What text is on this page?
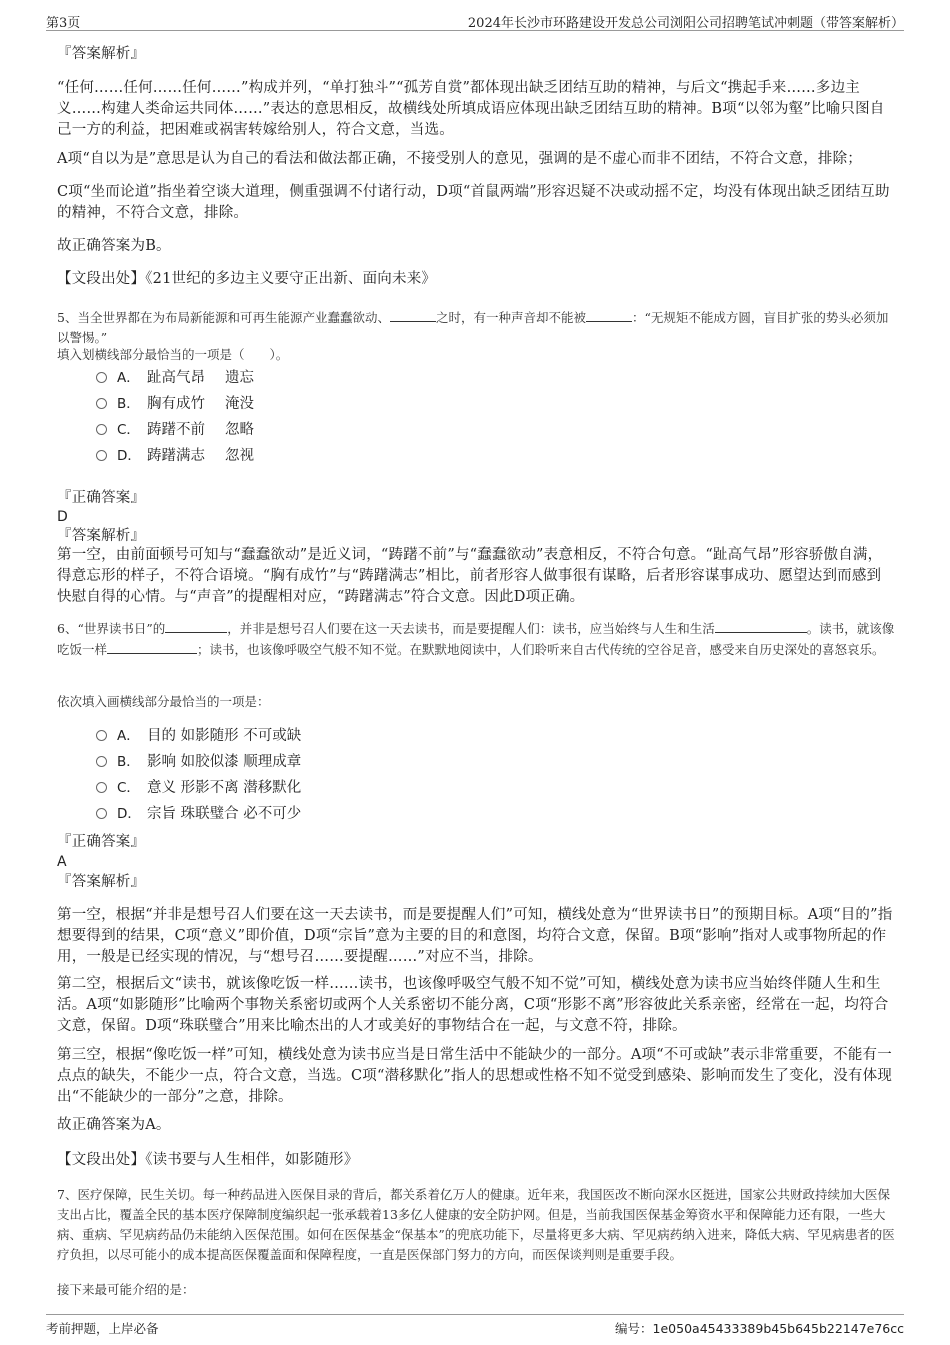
第3页	2024年长沙市环路建设开发总公司浏阳公司招聘笔试冲刺题（带答案解析）
『答案解析』
“任何……任何……任何……”构成并列，“单打独斗”“孤芳自赏”都体现出缺乏团结互助的精神，与后文“携起手来……多边主义……构建人类命运共同体……”表达的意思相反，故横线处所填成语应体现出缺乏团结互助的精神。B项“以邻为壑”比喻只图自己一方的利益，把困难或祸害转嫁给别人，符合文意，当选。
A项“自以为是”意思是认为自己的看法和做法都正确，不接受别人的意见，强调的是不虚心而非不团结，不符合文意，排除；
C项“坐而论道”指坐着空谈大道理，侧重强调不付诸行动，D项“首鼠两端”形容迟疑不决或动摇不定，均没有体现出缺乏团结互助的精神，不符合文意，排除。
故正确答案为B。
【文段出处】《21世纪的多边主义要守正出新、面向未来》
5、当全世界都在为布局新能源和可再生能源产业蠢蠢欲动、	之时，有一种声音却不能被	：“无规矩不能成方圆，盲目扩张的势头必须加以警惕。”
填入划横线部分最恰当的一项是（　　）。
A． 趾高气昂 遗忘
B． 胸有成竹 淹没
C． 踌躇不前 忽略
D． 踌躇满志 忽视
『正确答案』
D
『答案解析』
第一空，由前面顿号可知与“蠢蠢欲动”是近义词，“踌躇不前”与“蠢蠢欲动”表意相反，不符合句意。“趾高气昂”形容骄傲自满，得意忘形的样子，不符合语境。“胸有成竹”与“踌躇满志”相比，前者形容人做事很有谋略，后者形容谋事成功、愿望达到而感到快慰自得的心情。与“声音”的提醒相对应，“踌躇满志”符合文意。因此D项正确。
6、“世界读书日”的	，并非是想号召人们要在这一天去读书，而是要提醒人们：读书，应当始终与人生和生活	。读书，就该像吃饭一样	；读书，也该像呼吸空气般不知不觉。在默默地阅读中，人们聆听来自古代传统的空谷足音，感受来自历史深处的喜怒哀乐。
依次填入画横线部分最恰当的一项是：
A． 目的 如影随形 不可或缺
B． 影响 如胶似漆 顺理成章
C． 意义 形影不离 潜移默化
D． 宗旨 珠联璧合 必不可少
『正确答案』
A
『答案解析』
第一空，根据“并非是想号召人们要在这一天去读书，而是要提醒人们”可知，横线处意为“世界读书日”的预期目标。A项“目的”指想要得到的结果，C项“意义”即价值，D项“宗旨”意为主要的目的和意图，均符合文意，保留。B项“影响”指对人或事物所起的作用，一般是已经实现的情况，与“想号召……要提醒……”对应不当，排除。
第二空，根据后文“读书，就该像吃饭一样……读书，也该像呼吸空气般不知不觉”可知，横线处意为读书应当始终伴随人生和生活。A项“如影随形”比喻两个事物关系密切或两个人关系密切不能分离，C项“形影不离”形容彼此关系亲密，经常在一起，均符合文意，保留。D项“珠联璧合”用来比喻杰出的人才或美好的事物结合在一起，与文意不符，排除。
第三空，根据“像吃饭一样”可知，横线处意为读书应当是日常生活中不能缺少的一部分。A项“不可或缺”表示非常重要，不能有一点点的缺失，不能少一点，符合文意，当选。C项“潜移默化”指人的思想或性格不知不觉受到感染、影响而发生了变化，没有体现出“不能缺少的一部分”之意，排除。
故正确答案为A。
【文段出处】《读书要与人生相伴，如影随形》
7、医疗保障，民生关切。每一种药品进入医保目录的背后，都关系着亿万人的健康。近年来，我国医改不断向深水区挺进，国家公共财政持续加大医保支出占比，覆盖全民的基本医疗保障制度编织起一张承载着13多亿人健康的安全防护网。但是，当前我国医保基金筹资水平和保障能力还有限，一些大病、重病、罕见病药品仍未能纳入医保范围。如何在医保基金“保基本”的兜底功能下，尽量将更多大病、罕见病药纳入进来，降低大病、罕见病患者的医疗负担，以尽可能小的成本提高医保覆盖面和保障程度，一直是医保部门努力的方向，而医保谈判则是重要手段。
接下来最可能介绍的是：
考前押题，上岸必备	编号：1e050a45433389b45b645b22147e76cc
